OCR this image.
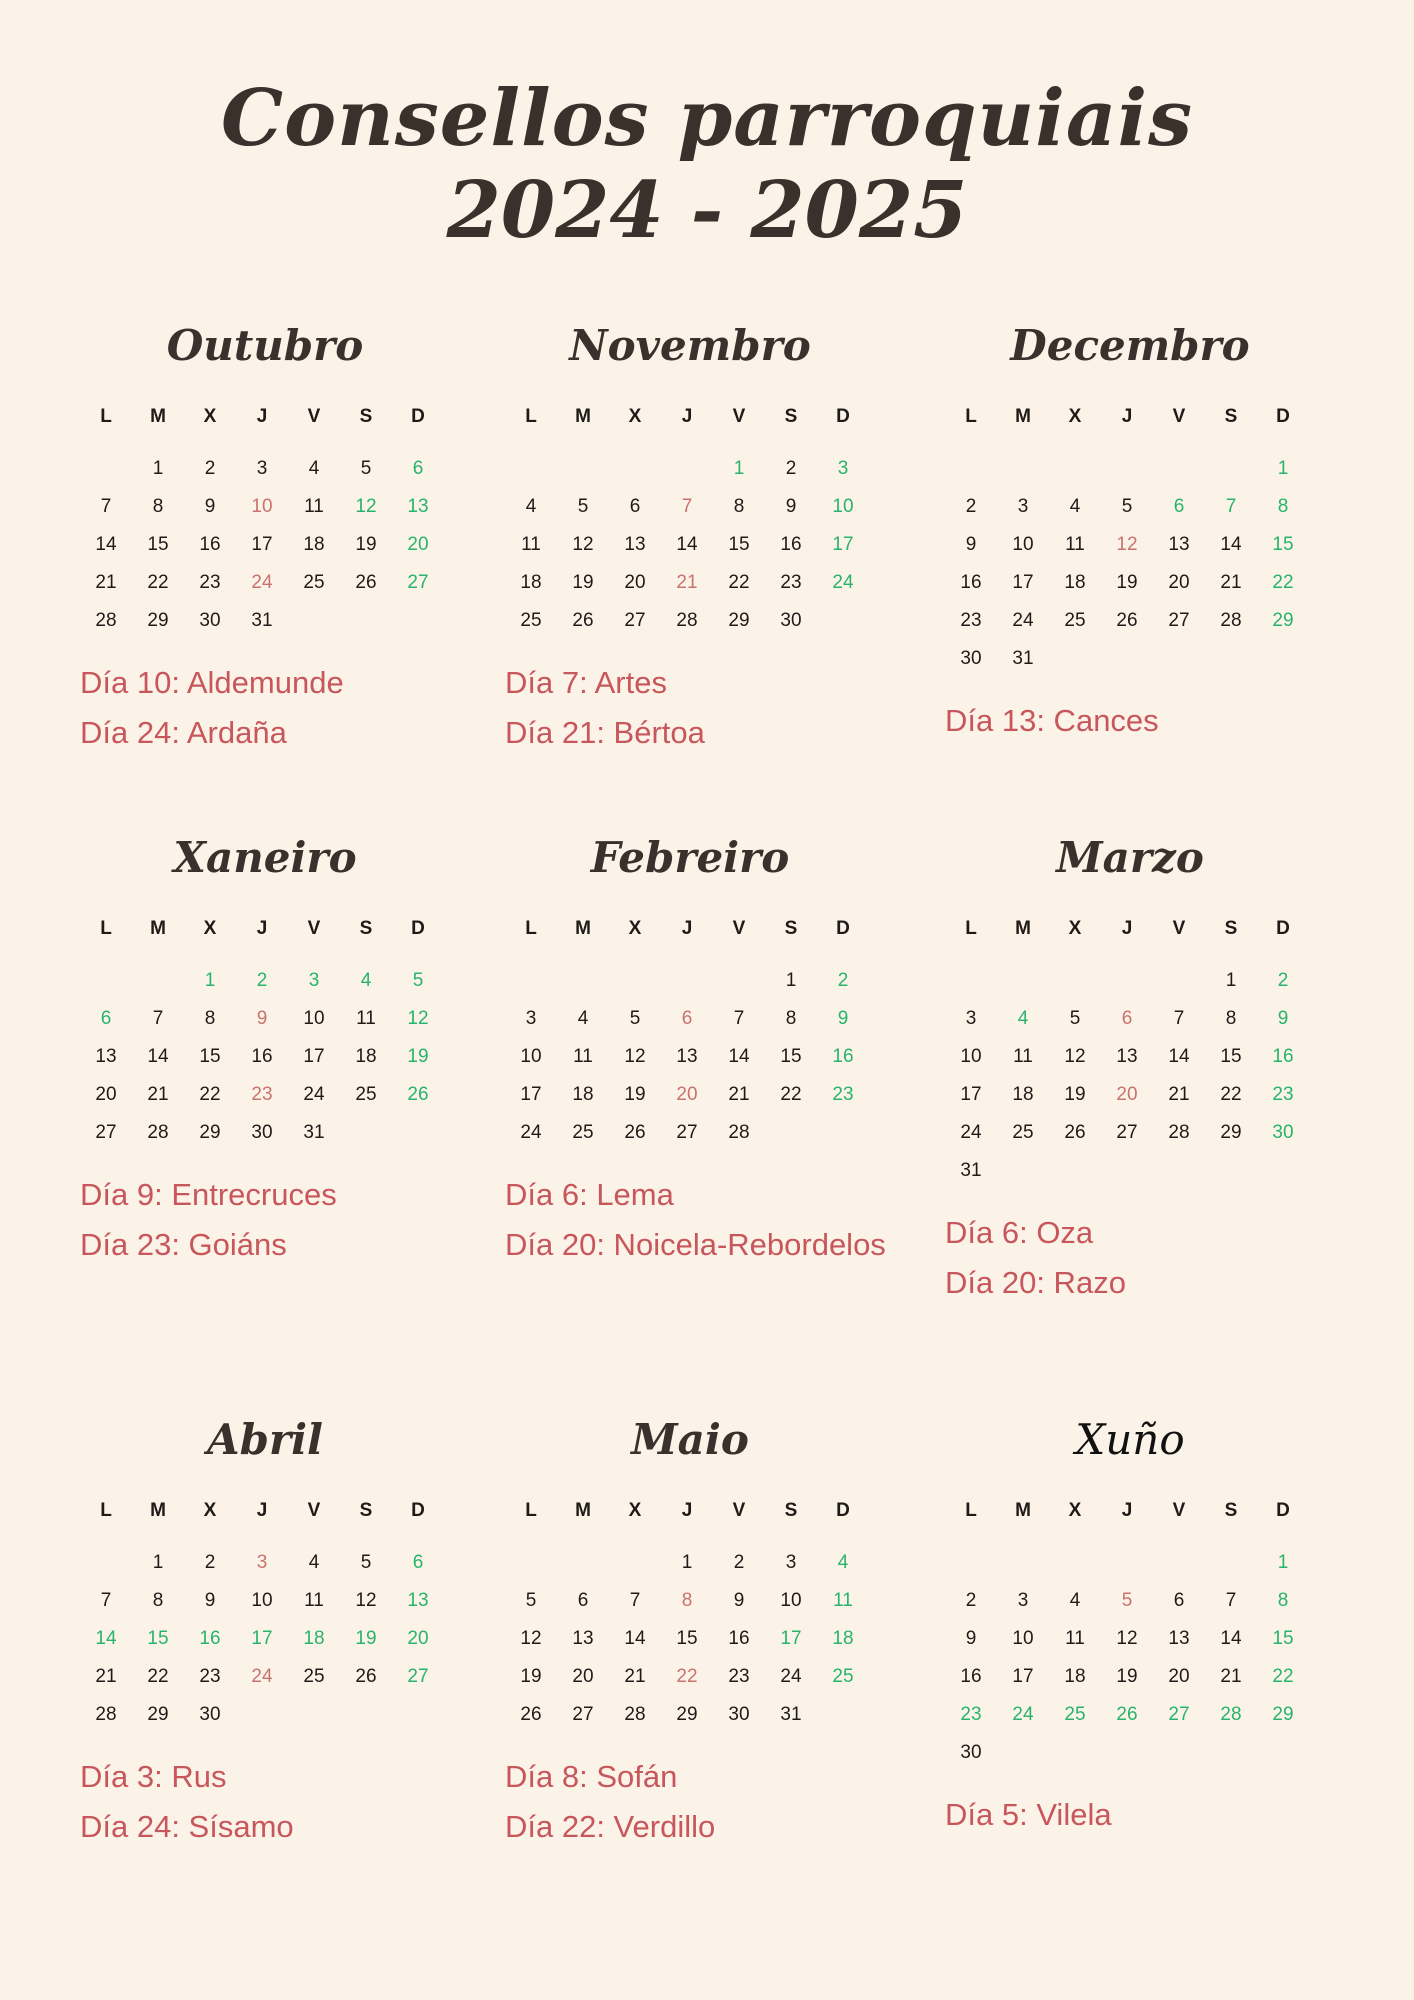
Consellos parroquiais
2024 - 2025
Outubro
L	M	X	J	V	S	D

	1	2	3	4	5	6
7	8	9	10	11	12	13
14	15	16	17	18	19	20
21	22	23	24	25	26	27
28	29	30	31			
Día 10: Aldemunde
Día 24: Ardaña
Novembro
L	M	X	J	V	S	D

				1	2	3
4	5	6	7	8	9	10
11	12	13	14	15	16	17
18	19	20	21	22	23	24
25	26	27	28	29	30	
Día 7: Artes
Día 21: Bértoa
Decembro
L	M	X	J	V	S	D

						1
2	3	4	5	6	7	8
9	10	11	12	13	14	15
16	17	18	19	20	21	22
23	24	25	26	27	28	29
30	31					
Día 13: Cances
Xaneiro
L	M	X	J	V	S	D

		1	2	3	4	5
6	7	8	9	10	11	12
13	14	15	16	17	18	19
20	21	22	23	24	25	26
27	28	29	30	31		
Día 9: Entrecruces
Día 23: Goiáns
Febreiro
L	M	X	J	V	S	D

					1	2
3	4	5	6	7	8	9
10	11	12	13	14	15	16
17	18	19	20	21	22	23
24	25	26	27	28		
Día 6: Lema
Día 20: Noicela-Rebordelos
Marzo
L	M	X	J	V	S	D

					1	2
3	4	5	6	7	8	9
10	11	12	13	14	15	16
17	18	19	20	21	22	23
24	25	26	27	28	29	30
31						
Día 6: Oza
Día 20: Razo
Abril
L	M	X	J	V	S	D

	1	2	3	4	5	6
7	8	9	10	11	12	13
14	15	16	17	18	19	20
21	22	23	24	25	26	27
28	29	30				
Día 3: Rus
Día 24: Sísamo
Maio
L	M	X	J	V	S	D

			1	2	3	4
5	6	7	8	9	10	11
12	13	14	15	16	17	18
19	20	21	22	23	24	25
26	27	28	29	30	31	
Día 8: Sofán
Día 22: Verdillo
Xuño
L	M	X	J	V	S	D

						1
2	3	4	5	6	7	8
9	10	11	12	13	14	15
16	17	18	19	20	21	22
23	24	25	26	27	28	29
30						
Día 5: Vilela
